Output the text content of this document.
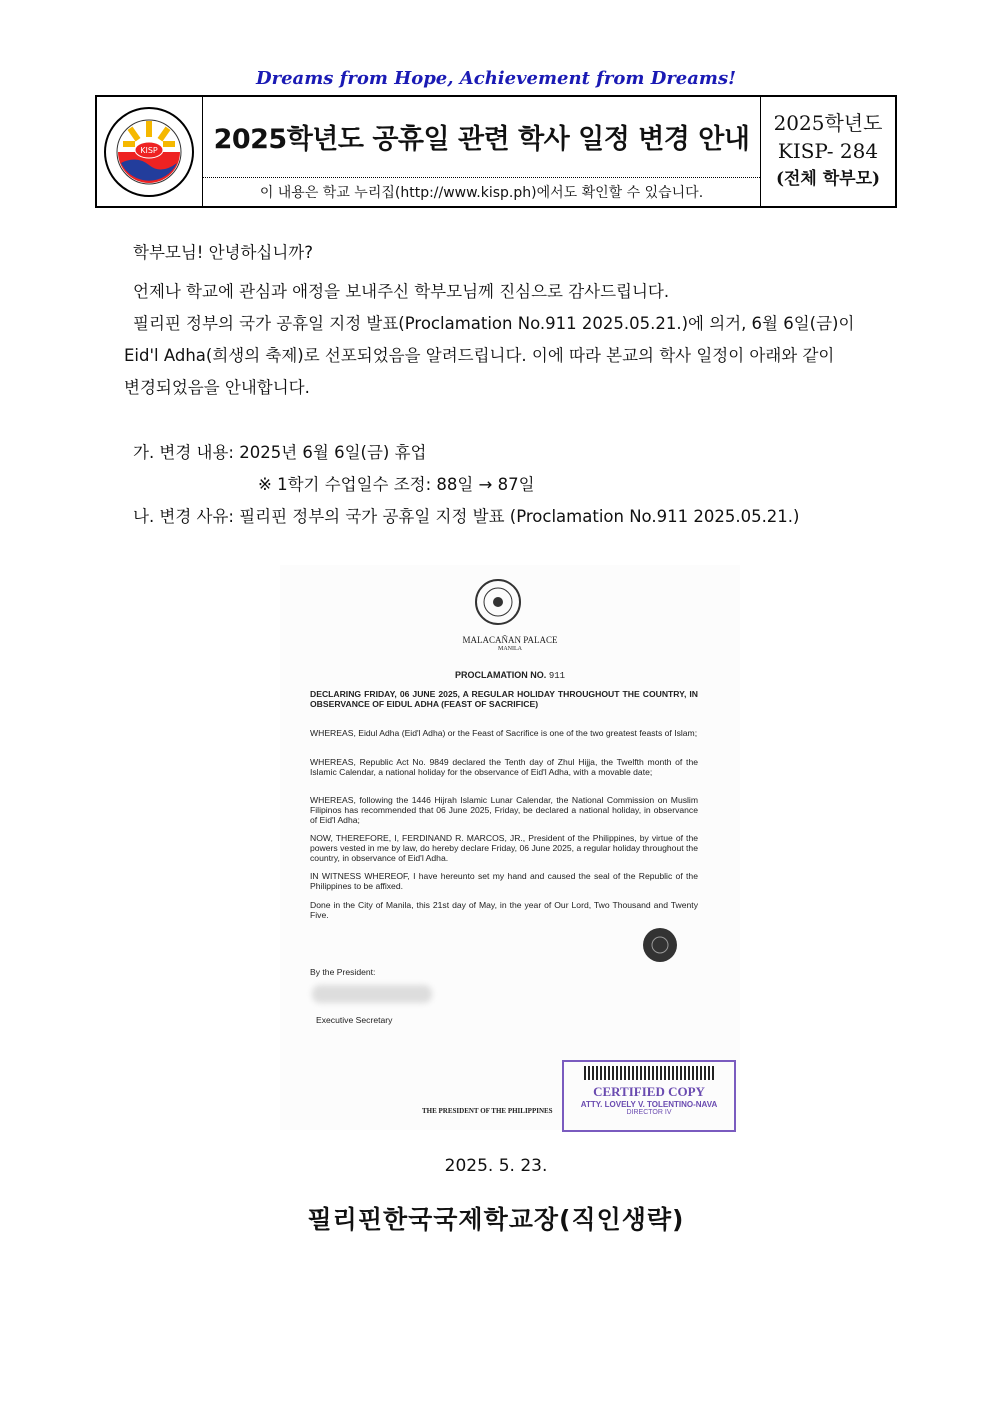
Dreams from Hope, Achievement from Dreams!
KISP	2025학년도 공휴일 관련 학사 일정 변경 안내
이 내용은 학교 누리집(http://www.kisp.ph)에서도 확인할 수 있습니다.
2025학년도
KISP- 284
(전체 학부모)
학부모님! 안녕하십니까?
언제나 학교에 관심과 애정을 보내주신 학부모님께 진심으로 감사드립니다.
필리핀 정부의 국가 공휴일 지정 발표(Proclamation No.911 2025.05.21.)에 의거, 6월 6일(금)이
Eid'l Adha(희생의 축제)로 선포되었음을 알려드립니다. 이에 따라 본교의 학사 일정이 아래와 같이
변경되었음을 안내합니다.
가. 변경 내용: 2025년 6월 6일(금) 휴업
※ 1학기 수업일수 조정: 88일 → 87일
나. 변경 사유: 필리핀 정부의 국가 공휴일 지정 발표 (Proclamation No.911 2025.05.21.)
MALACAÑAN PALACE
MANILA
PROCLAMATION NO. 911
DECLARING FRIDAY, 06 JUNE 2025, A REGULAR HOLIDAY THROUGHOUT THE COUNTRY, IN OBSERVANCE OF EIDUL ADHA (FEAST OF SACRIFICE)
WHEREAS, Eidul Adha (Eid'l Adha) or the Feast of Sacrifice is one of the two greatest feasts of Islam;
WHEREAS, Republic Act No. 9849 declared the Tenth day of Zhul Hijja, the Twelfth month of the Islamic Calendar, a national holiday for the observance of Eid'l Adha, with a movable date;
WHEREAS, following the 1446 Hijrah Islamic Lunar Calendar, the National Commission on Muslim Filipinos has recommended that 06 June 2025, Friday, be declared a national holiday, in observance of Eid'l Adha;
NOW, THEREFORE, I, FERDINAND R. MARCOS, JR., President of the Philippines, by virtue of the powers vested in me by law, do hereby declare Friday, 06 June 2025, a regular holiday throughout the country, in observance of Eid'l Adha.
IN WITNESS WHEREOF, I have hereunto set my hand and caused the seal of the Republic of the Philippines to be affixed.
Done in the City of Manila, this 21st day of May, in the year of Our Lord, Two Thousand and Twenty Five.
By the President:
Executive Secretary
THE PRESIDENT OF THE PHILIPPINES
CERTIFIED COPY
ATTY. LOVELY V. TOLENTINO-NAVA
DIRECTOR IV
2025. 5. 23.
필리핀한국국제학교장(직인생략)
